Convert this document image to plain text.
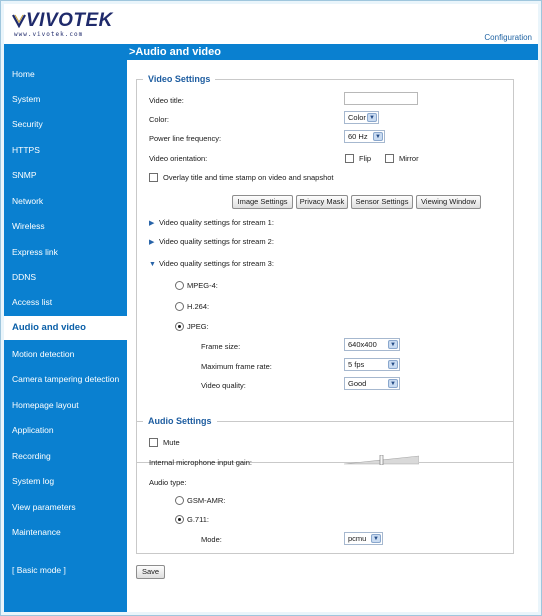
VIVOTEK
www.vivotek.com	Configuration
Home
System
Security
HTTPS
SNMP
Network
Wireless
Express link
DDNS
Access list
Audio and video
Motion detection
Camera tampering detection
Homepage layout
Application
Recording
System log
View parameters
Maintenance
[ Basic mode ]
>Audio and video
Video Settings
Video title:
Color:	Color ▼
Power line frequency:	60 Hz	▼
Video orientation:	Flip	Mirror
Overlay title and time stamp on video and snapshot
Image Settings	Privacy Mask	Sensor Settings	Viewing Window
▶ Video quality settings for stream 1:
▶ Video quality settings for stream 2:
▼ Video quality settings for stream 3:
MPEG-4:
H.264:
JPEG:
Frame size:	640x400	▼
Maximum frame rate:	5 fps	▼
Video quality:	Good	▼
Audio Settings
Mute
Internal microphone input gain:
Audio type:
GSM-AMR:
G.711:
Mode:	pcmu	▼
Save
